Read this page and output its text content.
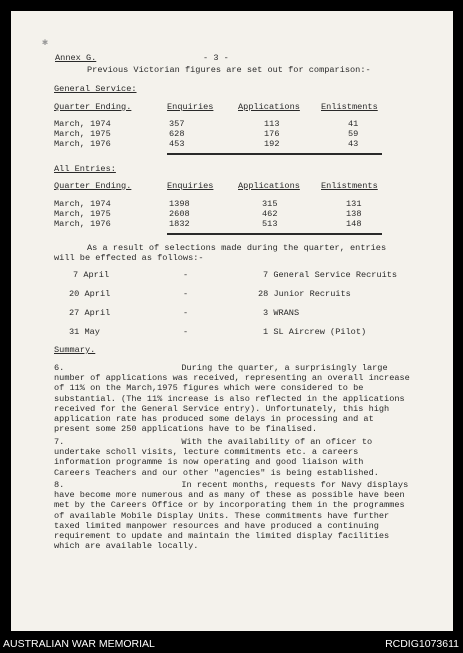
✱
Annex G.	- 3 -
Previous Victorian figures are set out for comparison:-
General Service:
Quarter Ending.	Enquiries	Applications Enlistments
March, 1974	357	113	41
March, 1975	628	176	59
March, 1976	453	192	43
All Entries:
Quarter Ending.	Enquiries	Applications Enlistments
March, 1974	1398	315	131
March, 1975	2608	462	138
March, 1976	1832	513	148
As a result of selections made during the quarter, entries
will be effected as follows:-
7 April	-	7 General Service Recruits
20 April	-	28 Junior Recruits
27 April	-	3 WRANS
31 May	-	1 SL Aircrew (Pilot)
Summary.
6.	During the quarter, a surprisingly large
number of applications was received, representing an overall increase
of 11% on the March,1975 figures which were considered to be
substantial. (The 11% increase is also reflected in the applications
received for the General Service entry). Unfortunately, this high
application rate has produced some delays in processing and at
present some 250 applications have to be finalised.
7.	With the availability of an oficer to
undertake scholl visits, lecture commitments etc. a careers
information programme is now operating and good liaison with
Careers Teachers and our other "agencies" is being established.
8.	In recent months, requests for Navy displays
have become more numerous and as many of these as possible have been
met by the Careers Office or by incorporating them in the programmes
of available Mobile Display Units. These commitments have further
taxed limited manpower resources and have produced a continuing
requirement to update and maintain the limited display facilities
which are available locally.
AUSTRALIAN WAR MEMORIAL	RCDIG1073611
